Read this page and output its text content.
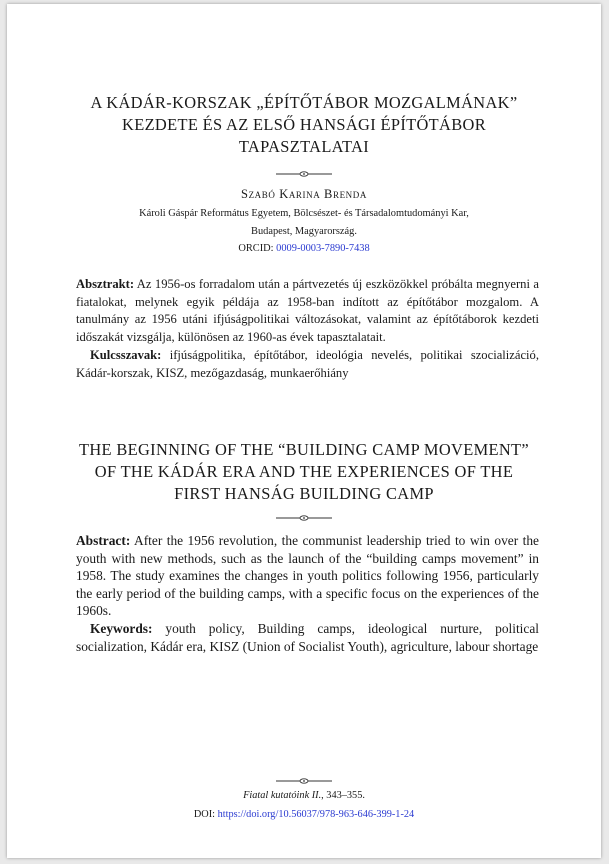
A KÁDÁR-KORSZAK „ÉPÍTŐTÁBOR MOZGALMÁNAK”
KEZDETE ÉS AZ ELSŐ HANSÁGI ÉPÍTŐTÁBOR
TAPASZTALATAI
Szabó Karina Brenda
Károli Gáspár Református Egyetem, Bölcsészet- és Társadalomtudományi Kar,
Budapest, Magyarország.
ORCID: 0009-0003-7890-7438

Absztrakt: Az 1956-os forradalom után a pártvezetés új eszközökkel próbálta megnyerni a fiatalokat, melynek egyik példája az 1958-ban indított az építőtábor mozgalom. A tanulmány az 1956 utáni ifjúságpolitikai változásokat, valamint az építőtáborok kezdeti időszakát vizsgálja, különösen az 1960-as évek tapasztalatait.

Kulcsszavak: ifjúságpolitika, építőtábor, ideológia nevelés, politikai szocializáció, Kádár-korszak, KISZ, mezőgazdaság, munkaerőhiány

THE BEGINNING OF THE “BUILDING CAMP MOVEMENT”
OF THE KÁDÁR ERA AND THE EXPERIENCES OF THE
FIRST HANSÁG BUILDING CAMP

Abstract: After the 1956 revolution, the communist leadership tried to win over the youth with new methods, such as the launch of the “building camps movement” in 1958. The study examines the changes in youth politics following 1956, particularly the early period of the building camps, with a specific focus on the experiences of the 1960s.

Keywords: youth policy, Building camps, ideological nurture, political socialization, Kádár era, KISZ (Union of Socialist Youth), agriculture, labour shortage

Fiatal kutatóink II., 343–355.
DOI: https://doi.org/10.56037/978-963-646-399-1-24
